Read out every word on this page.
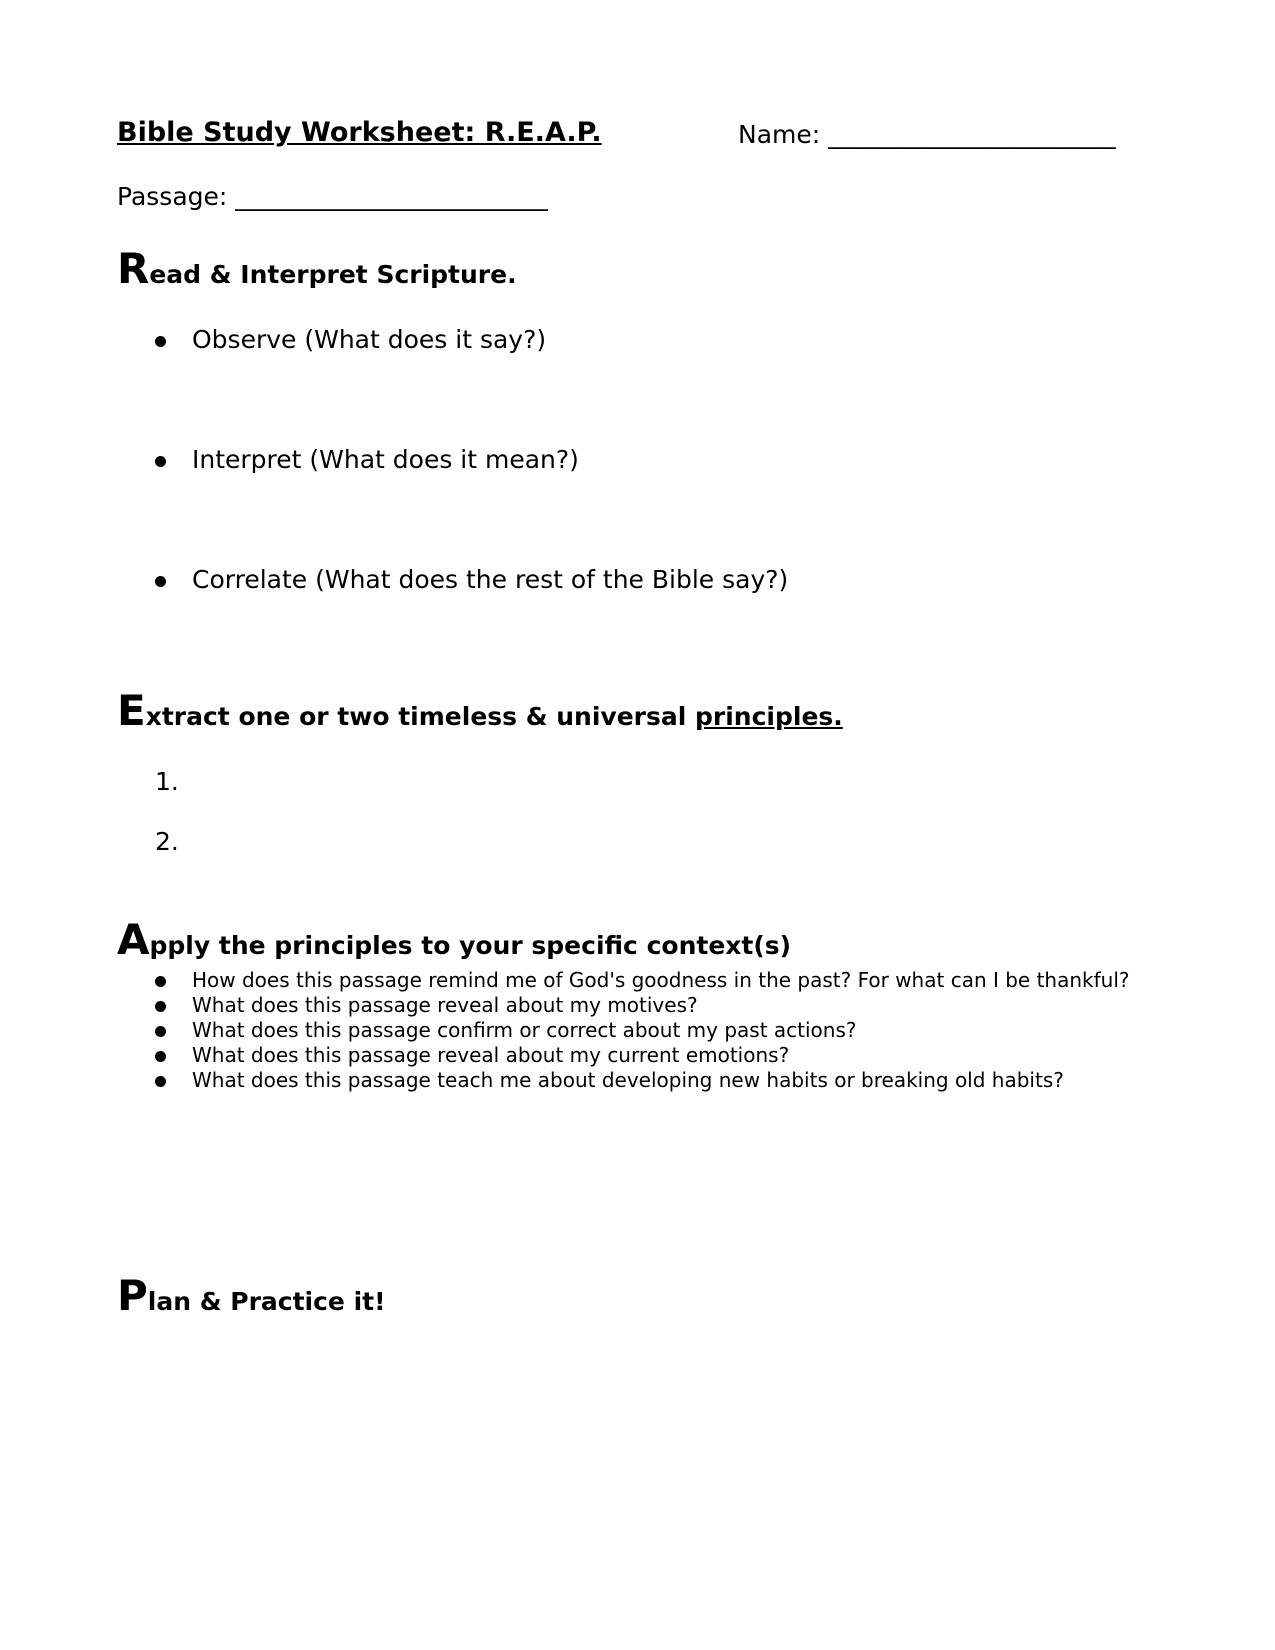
Bible Study Worksheet: R.E.A.P.	Name: _______________________
Passage: _________________________
Read & Interpret Scripture.
Observe (What does it say?)
Interpret (What does it mean?)
Correlate (What does the rest of the Bible say?)
Extract one or two timeless & universal principles.
1.
2.
Apply the principles to your specific context(s)
How does this passage remind me of God's goodness in the past? For what can I be thankful?
What does this passage reveal about my motives?
What does this passage confirm or correct about my past actions?
What does this passage reveal about my current emotions?
What does this passage teach me about developing new habits or breaking old habits?
Plan & Practice it!
